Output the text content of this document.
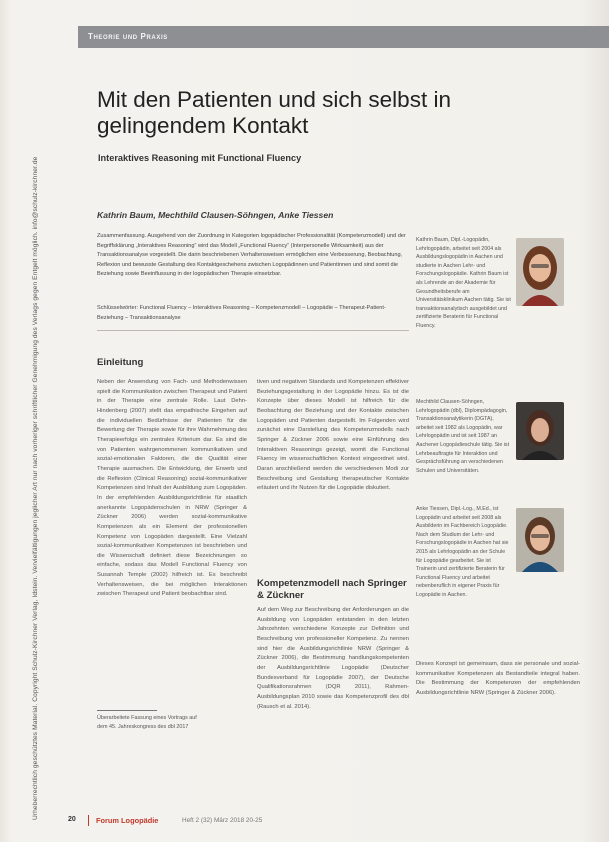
Urheberrechtlich geschütztes Material. Copyright Schulz-Kirchner Verlag, Idstein. Vervielfältigungen jeglicher Art nur nach vorheriger schriftlicher Genehmigung des Verlags gegen Entgelt möglich. info@schulz-kirchner.de
Theorie und Praxis
Mit den Patienten und sich selbst in gelingendem Kontakt
Interaktives Reasoning mit Functional Fluency
Kathrin Baum, Mechthild Clausen-Söhngen, Anke Tiessen
Zusammenfassung. Ausgehend von der Zuordnung in Kategorien logopädischer Professionalität (Kompetenzmodell) und der Begriffsklärung „Interaktives Reasoning“ wird das Modell „Functional Fluency“ (Interpersonelle Wirksamkeit) aus der Transaktionsanalyse vorgestellt. Die darin beschriebenen Verhaltensweisen ermöglichen eine Verbesserung, Beobachtung, Reflexion und bewusste Gestaltung des Kontaktgeschehens zwischen Logopädinnen und Patientinnen und sind somit die Beziehung sowie Beeinflussung in der logopädischen Therapie einsetzbar.
Schlüsselwörter: Functional Fluency – Interaktives Reasoning – Kompetenzmodell – Logopädie – Therapeut-Patient-Beziehung – Transaktionsanalyse
Einleitung

Neben der Anwendung von Fach- und Methodenwissen spielt die Kommunikation zwischen Therapeut und Patient in der Therapie eine zentrale Rolle. Laut Dehn-Hindenberg (2007) stellt das empathische Eingehen auf die individuellen Bedürfnisse der Patienten für die Bewertung der Therapie sowie für ihre Wahrnehmung des Therapieerfolgs ein zentrales Kriterium dar. Es sind die von Patienten wahrgenommenen kommunikativen und sozial-emotionalen Faktoren, die die Qualität einer Therapie ausmachen. Die Entwicklung, der Erwerb und die Reflexion (Clinical Reasoning) sozial-kommunikativer Kompetenzen sind Inhalt der Ausbildung zum Logopäden. In der empfehlenden Ausbildungsrichtlinie für staatlich anerkannte Logopädenschulen in NRW (Springer & Zückner 2006) werden sozial-kommunikative Kompetenzen als ein Element der professionellen Kompetenz von Logopäden dargestellt. Eine Vielzahl sozial-kommunikativer Kompetenzen ist beschrieben und die Wissenschaft definiert diese Bezeichnungen so einfache, sodass das Modell Functional Fluency von Susannah Temple (2002) hilfreich ist. Es beschreibt Verhaltensweisen, die bei möglichen Interaktionen zwischen Therapeut und Patient beobachtbar sind.

tiven und negativen Standards und Kompetenzen effektiver Beziehungsgestaltung in der Logopädie hinzu. Es ist die Konzepte über dieses Modell ist hilfreich für die Beobachtung der Beziehung und der Kontakte zwischen Logopäden und Patienten dargestellt. Im Folgenden wird zunächst eine Darstellung des Kompetenzmodells nach Springer & Zückner 2006 sowie eine Einführung des Interaktiven Reasonings gezeigt, womit die Functional Fluency im wissenschaftlichen Kontext eingeordnet wird. Daran anschließend werden die verschiedenen Modi zur Beschreibung und Gestaltung therapeutischer Kontakte erläutert und ihr Nutzen für die Logopädie diskutiert.

Kompetenzmodell nach Springer & Zückner

Auf dem Weg zur Beschreibung der Anforderungen an die Ausbildung von Logopäden entstanden in den letzten Jahrzehnten verschiedene Konzepte zur Definition und Beschreibung von professioneller Kompetenz. Zu nennen sind hier die Ausbildungsrichtlinie NRW (Springer & Zückner 2006), die Bestimmung handlungskompetenten der Ausbildungsrichtlinie Logopädie (Deutscher Bundesverband für Logopädie 2007), der Deutsche Qualifikationsrahmen (DQR 2011), Rahmen-Ausbildungsplan 2010 sowie das Kompetenzprofil des dbl (Rausch et al. 2014).

Überarbeitete Fassung eines Vortrags auf dem 45. Jahreskongress des dbl 2017
Kathrin Baum, Dipl.-Logopädin, Lehrlogopädin, arbeitet seit 2004 als Ausbildungslogopädin in Aachen und studierte in Aachen Lehr- und Forschungslogopädie. Kathrin Baum ist als Lehrende an der Akademie für Gesundheitsberufe am Universitätsklinikum Aachen tätig. Sie ist transaktionsanalytisch ausgebildet und zertifizierte Beraterin für Functional Fluency.
Mechthild Clausen-Söhngen, Lehrlogopädin (dbl), Diplompädagogin, Transaktionsanalytikerin (DGTA), arbeitet seit 1982 als Logopädin, war Lehrlogopädin und ist seit 1987 an Aachener Logopädieschule tätig. Sie ist Lehrbeauftragte für Interaktion und Gesprächsführung an verschiedenen Schulen und Universitäten.
Anke Tiessen, Dipl.-Log., M.Ed., ist Logopädin und arbeitet seit 2008 als Ausbilderin im Fachbereich Logopädie. Nach dem Studium der Lehr- und Forschungslogopädie in Aachen hat sie 2015 als Lehrlogopädin an der Schule für Logopädie gearbeitet. Sie ist Trainerin und zertifizierte Beraterin für Functional Fluency und arbeitet nebenberuflich in eigener Praxis für Logopädie in Aachen.
Dieses Konzept ist gemeinsam, dass sie personale und sozial-kommunikative Kompetenzen als Bestandteile integral haben. Die Bestimmung der Kompetenzen der empfehlenden Ausbildungsrichtlinie NRW (Springer & Zückner 2006).
20	Forum Logopädie	Heft 2 (32) März 2018 20-25
